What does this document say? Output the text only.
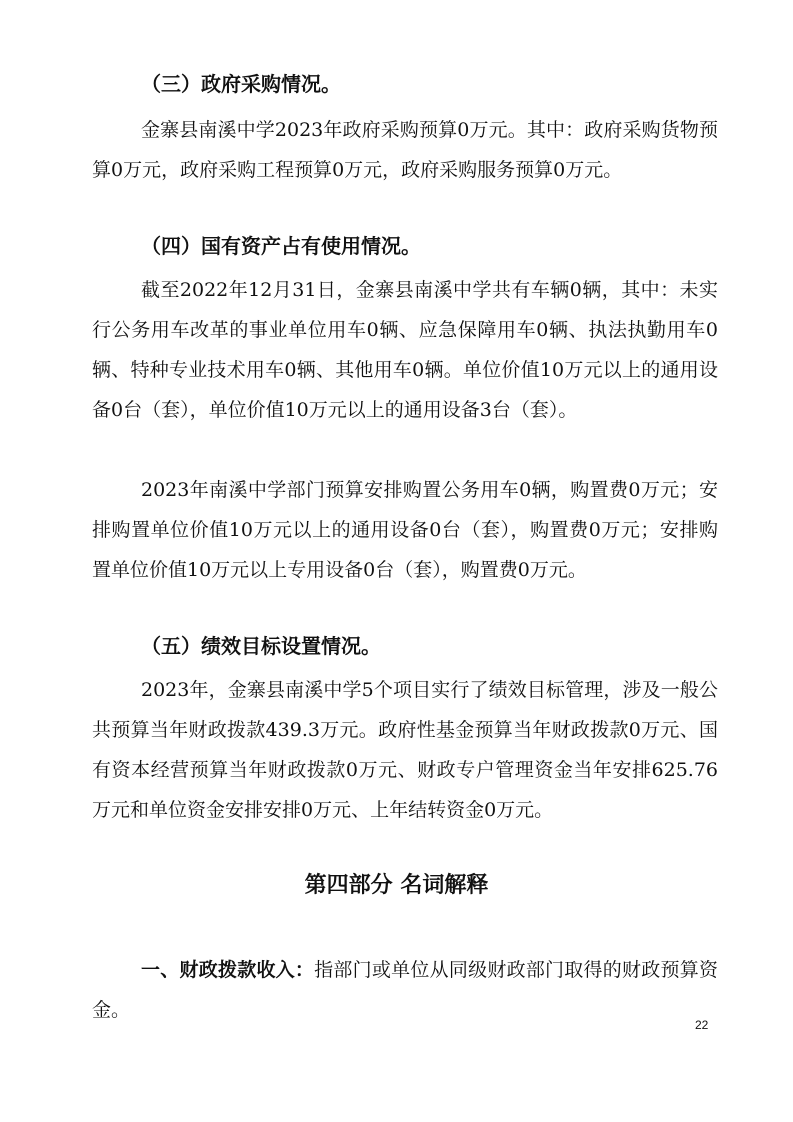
（三）政府采购情况。

金寨县南溪中学2023年政府采购预算0万元。其中：政府采购货物预算0万元，政府采购工程预算0万元，政府采购服务预算0万元。

（四）国有资产占有使用情况。

截至2022年12月31日，金寨县南溪中学共有车辆0辆，其中：未实行公务用车改革的事业单位用车0辆、应急保障用车0辆、执法执勤用车0辆、特种专业技术用车0辆、其他用车0辆。单位价值10万元以上的通用设备0台（套），单位价值10万元以上的通用设备3台（套）。

2023年南溪中学部门预算安排购置公务用车0辆，购置费0万元；安排购置单位价值10万元以上的通用设备0台（套），购置费0万元；安排购置单位价值10万元以上专用设备0台（套），购置费0万元。

（五）绩效目标设置情况。

2023年，金寨县南溪中学5个项目实行了绩效目标管理，涉及一般公共预算当年财政拨款439.3万元。政府性基金预算当年财政拨款0万元、国有资本经营预算当年财政拨款0万元、财政专户管理资金当年安排625.76万元和单位资金安排安排0万元、上年结转资金0万元。

第四部分 名词解释

一、财政拨款收入：指部门或单位从同级财政部门取得的财政预算资金。

22
